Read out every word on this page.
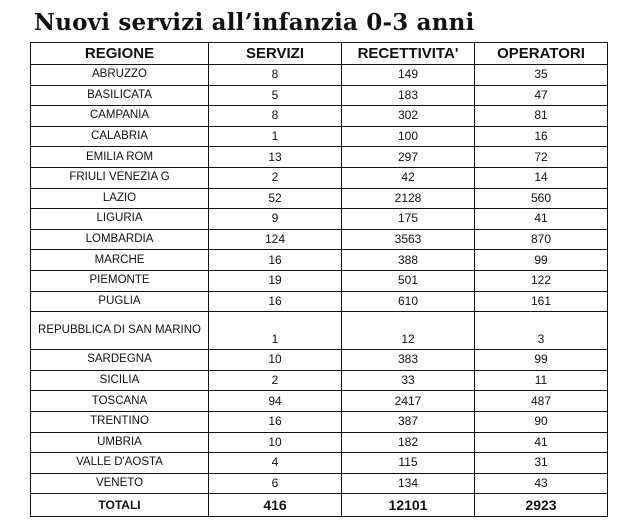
Nuovi servizi all’infanzia 0-3 anni
REGIONE	SERVIZI	RECETTIVITA'	OPERATORI
ABRUZZO	8	149	35
BASILICATA	5	183	47
CAMPANIA	8	302	81
CALABRIA	1	100	16
EMILIA ROM	13	297	72
FRIULI VENEZIA G	2	42	14
LAZIO	52	2128	560
LIGURIA	9	175	41
LOMBARDIA	124	3563	870
MARCHE	16	388	99
PIEMONTE	19	501	122
PUGLIA	16	610	161
REPUBBLICA DI SAN MARINO	1	12	3
SARDEGNA	10	383	99
SICILIA	2	33	11
TOSCANA	94	2417	487
TRENTINO	16	387	90
UMBRIA	10	182	41
VALLE D'AOSTA	4	115	31
VENETO	6	134	43
TOTALI	416	12101	2923
